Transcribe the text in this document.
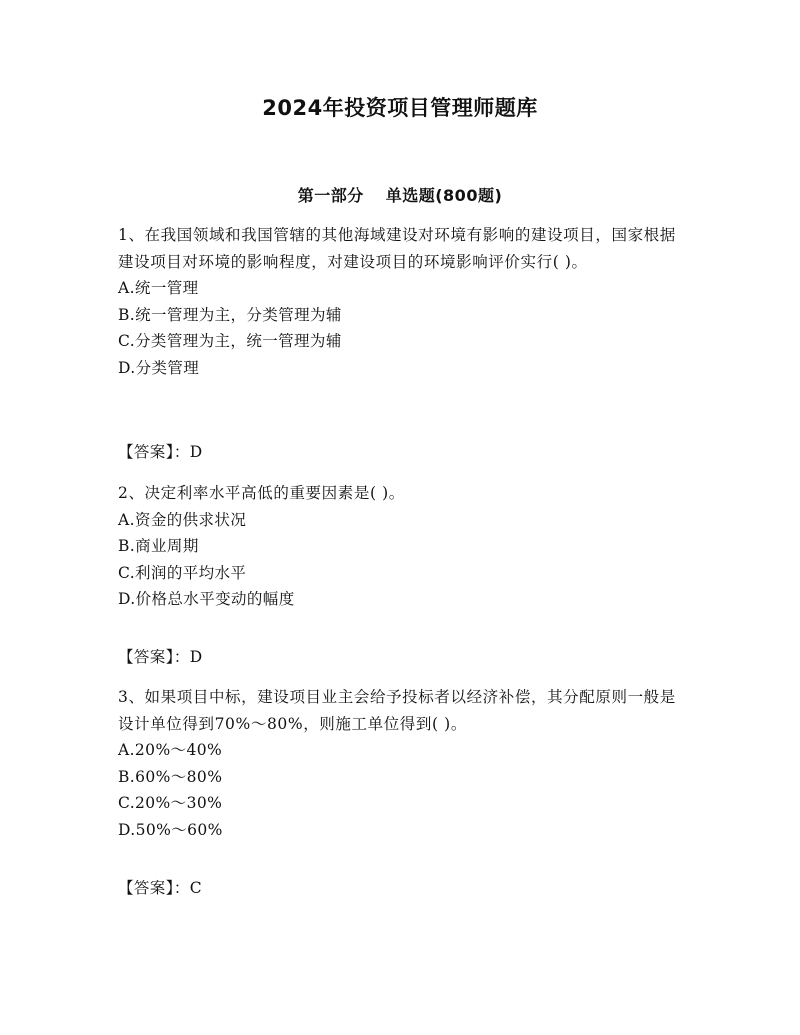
2024年投资项目管理师题库
第一部分 单选题(800题)

1、在我国领域和我国管辖的其他海域建设对环境有影响的建设项目，国家根据建设项目对环境的影响程度，对建设项目的环境影响评价实行( )。

A.统一管理

B.统一管理为主，分类管理为辅

C.分类管理为主，统一管理为辅

D.分类管理

【答案】：D

2、决定利率水平高低的重要因素是( )。

A.资金的供求状况

B.商业周期

C.利润的平均水平

D.价格总水平变动的幅度

【答案】：D

3、如果项目中标，建设项目业主会给予投标者以经济补偿，其分配原则一般是设计单位得到70%～80%，则施工单位得到( )。

A.20%～40%

B.60%～80%

C.20%～30%

D.50%～60%

【答案】：C
